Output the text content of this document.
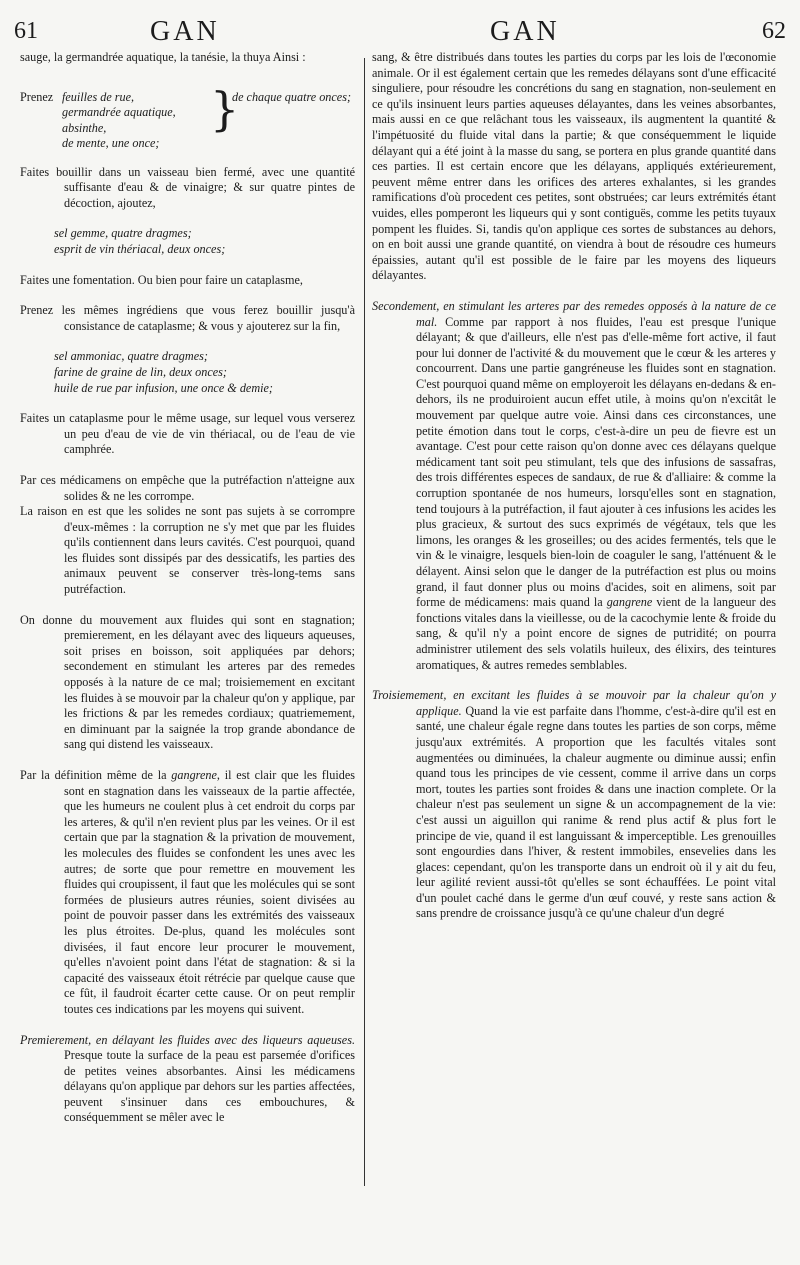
61	GAN	GAN	62

sauge, la germandrée aquatique, la tanésie, la thuya Ainsi :

Prenez feuilles de rue,
germandrée aquatique,
absinthe,
de mente, une once;
}
de chaque quatre onces;

Faites bouillir dans un vaisseau bien fermé, avec une quantité suffisante d'eau & de vinaigre; & sur quatre pintes de décoction, ajoutez,

sel gemme, quatre dragmes;
esprit de vin thériacal, deux onces;

Faites une fomentation. Ou bien pour faire un cataplasme,

Prenez les mêmes ingrédiens que vous ferez bouillir jusqu'à consistance de cataplasme; & vous y ajouterez sur la fin,

sel ammoniac, quatre dragmes;
farine de graine de lin, deux onces;
huile de rue par infusion, une once & demie;

Faites un cataplasme pour le même usage, sur lequel vous verserez un peu d'eau de vie de vin thériacal, ou de l'eau de vie camphrée.

Par ces médicamens on empêche que la putréfaction n'atteigne aux solides & ne les corrompe.

La raison en est que les solides ne sont pas sujets à se corrompre d'eux-mêmes : la corruption ne s'y met que par les fluides qu'ils contiennent dans leurs cavités. C'est pourquoi, quand les fluides sont dissipés par des dessicatifs, les parties des animaux peuvent se conserver très-long-tems sans putréfaction.

On donne du mouvement aux fluides qui sont en stagnation; premierement, en les délayant avec des liqueurs aqueuses, soit prises en boisson, soit appliquées par dehors; secondement en stimulant les arteres par des remedes opposés à la nature de ce mal; troisiemement en excitant les fluides à se mouvoir par la chaleur qu'on y applique, par les frictions & par les remedes cordiaux; quatriemement, en diminuant par la saignée la trop grande abondance de sang qui distend les vaisseaux.

Par la définition même de la gangrene, il est clair que les fluides sont en stagnation dans les vaisseaux de la partie affectée, que les humeurs ne coulent plus à cet endroit du corps par les arteres, & qu'il n'en revient plus par les veines. Or il est certain que par la stagnation & la privation de mouvement, les molecules des fluides se confondent les unes avec les autres; de sorte que pour remettre en mouvement les fluides qui croupissent, il faut que les molécules qui se sont formées de plusieurs autres réunies, soient divisées au point de pouvoir passer dans les extrémités des vaisseaux les plus étroites. De-plus, quand les molécules sont divisées, il faut encore leur procurer le mouvement, qu'elles n'avoient point dans l'état de stagnation: & si la capacité des vaisseaux étoit rétrécie par quelque cause que ce fût, il faudroit écarter cette cause. Or on peut remplir toutes ces indications par les moyens qui suivent.

Premierement, en délayant les fluides avec des liqueurs aqueuses. Presque toute la surface de la peau est parsemée d'orifices de petites veines absorbantes. Ainsi les médicamens délayans qu'on applique par dehors sur les parties affectées, peuvent s'insinuer dans ces embouchures, & conséquemment se mêler avec le

sang, & être distribués dans toutes les parties du corps par les lois de l'œconomie animale. Or il est également certain que les remedes délayans sont d'une efficacité singuliere, pour résoudre les concrétions du sang en stagnation, non-seulement en ce qu'ils insinuent leurs parties aqueuses délayantes, dans les veines absorbantes, mais aussi en ce que relâchant tous les vaisseaux, ils augmentent la quantité & l'impétuosité du fluide vital dans la partie; & que conséquemment le liquide délayant qui a été joint à la masse du sang, se portera en plus grande quantité dans ces parties. Il est certain encore que les délayans, appliqués extérieurement, peuvent même entrer dans les orifices des arteres exhalantes, si les grandes ramifications d'où procedent ces petites, sont obstruées; car leurs extrémités étant vuides, elles pomperont les liqueurs qui y sont contiguës, comme les petits tuyaux pompent les fluides. Si, tandis qu'on applique ces sortes de substances au dehors, on en boit aussi une grande quantité, on viendra à bout de résoudre ces humeurs épaissies, autant qu'il est possible de le faire par les moyens des liqueurs délayantes.

Secondement, en stimulant les arteres par des remedes opposés à la nature de ce mal. Comme par rapport à nos fluides, l'eau est presque l'unique délayant; & que d'ailleurs, elle n'est pas d'elle-même fort active, il faut pour lui donner de l'activité & du mouvement que le cœur & les arteres y concourrent. Dans une partie gangréneuse les fluides sont en stagnation. C'est pourquoi quand même on employeroit les délayans en-dedans & en-dehors, ils ne produiroient aucun effet utile, à moins qu'on n'excitât le mouvement par quelque autre voie. Ainsi dans ces circonstances, une petite émotion dans tout le corps, c'est-à-dire un peu de fievre est un avantage. C'est pour cette raison qu'on donne avec ces délayans quelque médicament tant soit peu stimulant, tels que des infusions de sassafras, des trois différentes especes de sandaux, de rue & d'alliaire: & comme la corruption spontanée de nos humeurs, lorsqu'elles sont en stagnation, tend toujours à la putréfaction, il faut ajouter à ces infusions les acides les plus gracieux, & surtout des sucs exprimés de végétaux, tels que les limons, les oranges & les groseilles; ou des acides fermentés, tels que le vin & le vinaigre, lesquels bien-loin de coaguler le sang, l'atténuent & le délayent. Ainsi selon que le danger de la putréfaction est plus ou moins grand, il faut donner plus ou moins d'acides, soit en alimens, soit par forme de médicamens: mais quand la gangrene vient de la langueur des fonctions vitales dans la vieillesse, ou de la cacochymie lente & froide du sang, & qu'il n'y a point encore de signes de putridité; on pourra administrer utilement des sels volatils huileux, des élixirs, des teintures aromatiques, & autres remedes semblables.

Troisiemement, en excitant les fluides à se mouvoir par la chaleur qu'on y applique. Quand la vie est parfaite dans l'homme, c'est-à-dire qu'il est en santé, une chaleur égale regne dans toutes les parties de son corps, même jusqu'aux extrémités. A proportion que les facultés vitales sont augmentées ou diminuées, la chaleur augmente ou diminue aussi; enfin quand tous les principes de vie cessent, comme il arrive dans un corps mort, toutes les parties sont froides & dans une inaction complete. Or la chaleur n'est pas seulement un signe & un accompagnement de la vie: c'est aussi un aiguillon qui ranime & rend plus actif & plus fort le principe de vie, quand il est languissant & imperceptible. Les grenouilles sont engourdies dans l'hiver, & restent immobiles, ensevelies dans les glaces: cependant, qu'on les transporte dans un endroit où il y ait du feu, leur agilité revient aussi-tôt qu'elles se sont échauffées. Le point vital d'un poulet caché dans le germe d'un œuf couvé, y reste sans action & sans prendre de croissance jusqu'à ce qu'une chaleur d'un degré
